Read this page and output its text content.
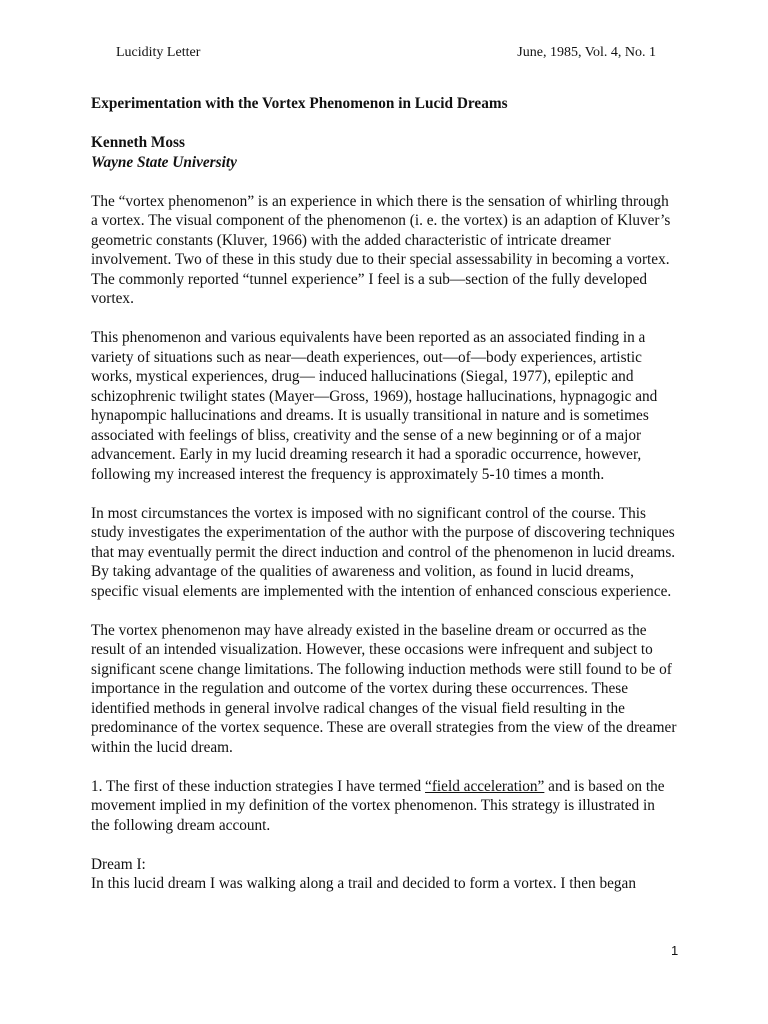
Lucidity Letter	June, 1985, Vol. 4, No. 1
Experimentation with the Vortex Phenomenon in Lucid Dreams
Kenneth Moss
Wayne State University

The “vortex phenomenon” is an experience in which there is the sensation of whirling through a vortex. The visual component of the phenomenon (i. e. the vortex) is an adaption of Kluver’s geometric constants (Kluver, 1966) with the added characteristic of intricate dreamer involvement. Two of these in this study due to their special assessability in becoming a vortex. The commonly reported “tunnel experience” I feel is a sub—section of the fully developed vortex.

This phenomenon and various equivalents have been reported as an associated finding in a variety of situations such as near—death experiences, out—of—body experiences, artistic works, mystical experiences, drug— induced hallucinations (Siegal, 1977), epileptic and schizophrenic twilight states (Mayer—Gross, 1969), hostage hallucinations, hypnagogic and hynapompic hallucinations and dreams. It is usually transitional in nature and is sometimes associated with feelings of bliss, creativity and the sense of a new beginning or of a major advancement. Early in my lucid dreaming research it had a sporadic occurrence, however, following my increased interest the frequency is approximately 5-10 times a month.

In most circumstances the vortex is imposed with no significant control of the course. This study investigates the experimentation of the author with the purpose of discovering techniques that may eventually permit the direct induction and control of the phenomenon in lucid dreams. By taking advantage of the qualities of awareness and volition, as found in lucid dreams, specific visual elements are implemented with the intention of enhanced conscious experience.

The vortex phenomenon may have already existed in the baseline dream or occurred as the result of an intended visualization. However, these occasions were infrequent and subject to significant scene change limitations. The following induction methods were still found to be of importance in the regulation and outcome of the vortex during these occurrences. These identified methods in general involve radical changes of the visual field resulting in the predominance of the vortex sequence. These are overall strategies from the view of the dreamer within the lucid dream.

1. The first of these induction strategies I have termed “field acceleration” and is based on the movement implied in my definition of the vortex phenomenon. This strategy is illustrated in the following dream account.

Dream I:
In this lucid dream I was walking along a trail and decided to form a vortex. I then began
1
